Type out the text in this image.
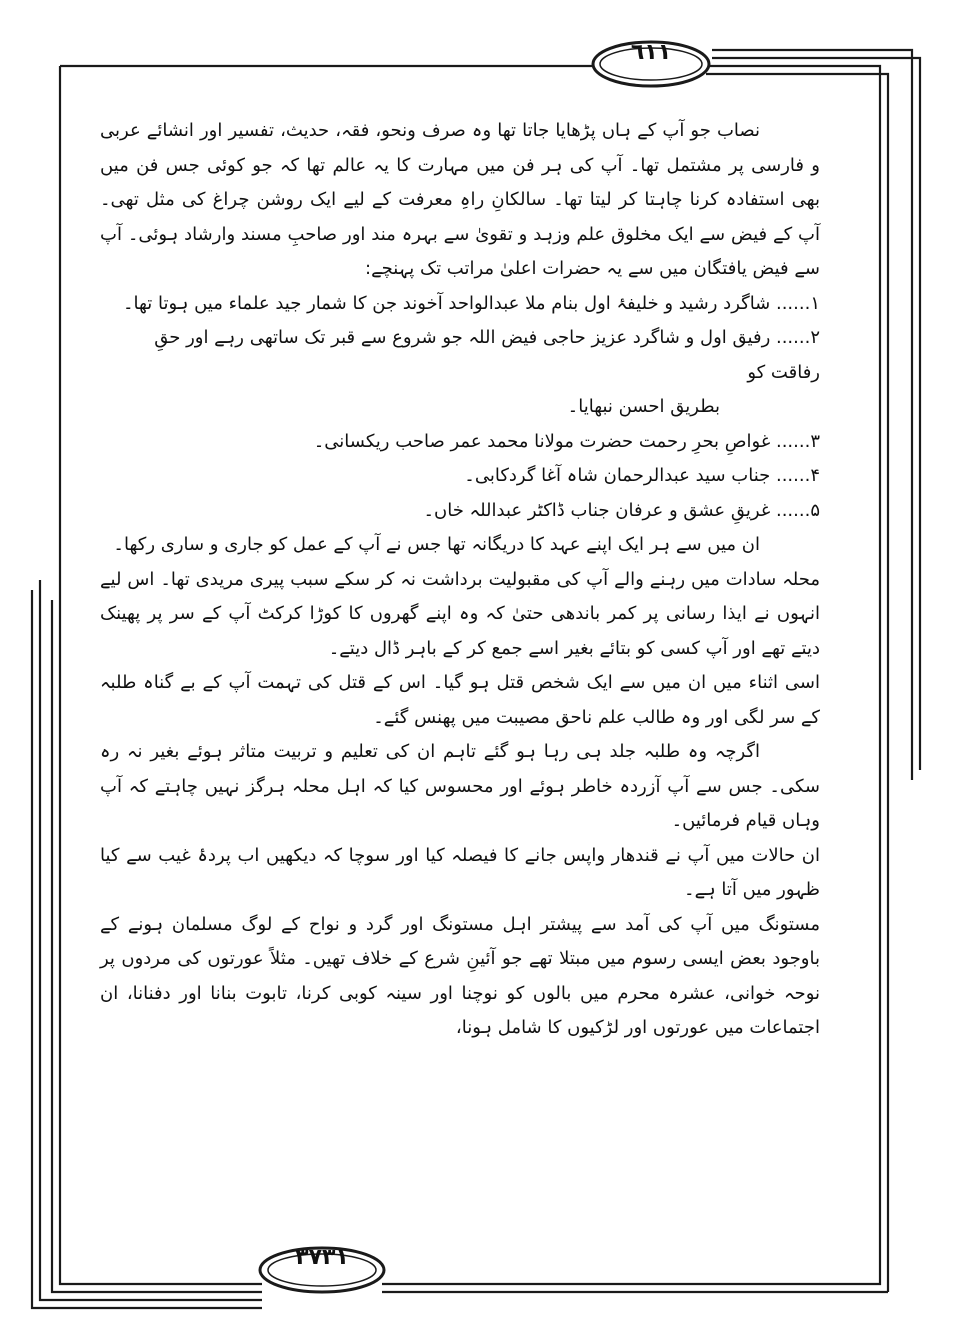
٦١١
٣٧٣١

نصاب جو آپ کے ہاں پڑھایا جاتا تھا وہ صرف ونحو، فقہ، حدیث، تفسیر اور انشائے عربی و فارسی پر مشتمل تھا۔ آپ کی ہر فن میں مہارت کا یہ عالم تھا کہ جو کوئی جس فن میں بھی استفادہ کرنا چاہتا کر لیتا تھا۔ سالکانِ راہِ معرفت کے لیے ایک روشن چراغ کی مثل تھی۔ آپ کے فیض سے ایک مخلوق علم وزہد و تقویٰ سے بہرہ مند اور صاحبِ مسند وارشاد ہوئی۔ آپ سے فیض یافتگان میں سے یہ حضرات اعلیٰ مراتب تک پہنچے:

۱...... شاگرد رشید و خلیفۂ اول بنام ملا عبدالواحد آخوند جن کا شمار جید علماء میں ہوتا تھا۔

۲...... رفیق اول و شاگرد عزیز حاجی فیض اللہ جو شروع سے قبر تک ساتھی رہے اور حقِ رفاقت کو

بطریق احسن نبھایا۔

۳...... غواصِ بحرِ رحمت حضرت مولانا محمد عمر صاحب ریکسانی۔

۴...... جناب سید عبدالرحمان شاہ آغا گردکابی۔

۵...... غریقِ عشق و عرفان جناب ڈاکٹر عبداللہ خاں۔

ان میں سے ہر ایک اپنے عہد کا دریگانہ تھا جس نے آپ کے عمل کو جاری و ساری رکھا۔

محلہ سادات میں رہنے والے آپ کی مقبولیت برداشت نہ کر سکے سبب پیری مریدی تھا۔ اس لیے انہوں نے ایذا رسانی پر کمر باندھی حتیٰ کہ وہ اپنے گھروں کا کوڑا کرکٹ آپ کے سر پر پھینک دیتے تھے اور آپ کسی کو بتائے بغیر اسے جمع کر کے باہر ڈال دیتے۔

اسی اثناء میں ان میں سے ایک شخص قتل ہو گیا۔ اس کے قتل کی تہمت آپ کے بے گناہ طلبہ کے سر لگی اور وہ طالب علم ناحق مصیبت میں پھنس گئے۔

اگرچہ وہ طلبہ جلد ہی رہا ہو گئے تاہم ان کی تعلیم و تربیت متاثر ہوئے بغیر نہ رہ سکی۔ جس سے آپ آزردہ خاطر ہوئے اور محسوس کیا کہ اہل محلہ ہرگز نہیں چاہتے کہ آپ وہاں قیام فرمائیں۔

ان حالات میں آپ نے قندھار واپس جانے کا فیصلہ کیا اور سوچا کہ دیکھیں اب پردۂ غیب سے کیا ظہور میں آتا ہے۔

مستونگ میں آپ کی آمد سے پیشتر اہل مستونگ اور گرد و نواح کے لوگ مسلمان ہونے کے باوجود بعض ایسی رسوم میں مبتلا تھے جو آئینِ شرع کے خلاف تھیں۔ مثلاً عورتوں کی مردوں پر نوحہ خوانی، عشرہ محرم میں بالوں کو نوچنا اور سینہ کوبی کرنا، تابوت بنانا اور دفنانا، ان اجتماعات میں عورتوں اور لڑکیوں کا شامل ہونا،
